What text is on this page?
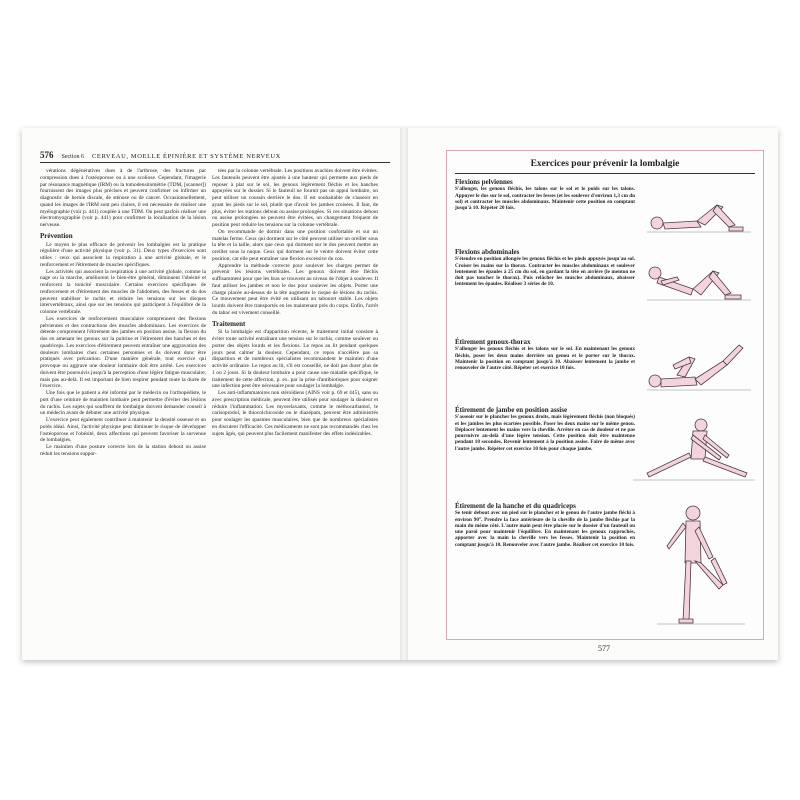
576 Section 6 CERVEAU, MOELLE ÉPINIÈRE ET SYSTÈME NERVEUX

vérations dégénératives dues à de l'arthrose, des fractures par compression dues à l'ostéoporose ou à une scoliose. Cependant, l'imagerie par résonance magnétique (IRM) ou la tomodensitométrie (TDM, [scanner]) fournissent des images plus précises et peuvent confirmer ou infirmer un diagnostic de hernie discale, de sténose ou de cancer. Occasionnellement, quand les images de l'IRM sont peu claires, il est nécessaire de réaliser une myélographie (voir p. 441) couplée à une TDM. On peut parfois réaliser une électromyographie (voir p. 441) pour confirmer la localisation de la lésion nerveuse.

Prévention

Le moyen le plus efficace de prévenir les lombalgies est la pratique régulière d'une activité physique (voir p. 31). Deux types d'exercices sont utiles : ceux qui associent la respiration à une activité globale, et le renforcement et l'étirement de muscles spécifiques.

Les activités qui associent la respiration à une activité globale, comme la nage ou la marche, améliorent le bien-être général, diminuent l'obésité et renforcent la tonicité musculaire. Certains exercices spécifiques de renforcement et d'étirement des muscles de l'abdomen, des fesses et du dos peuvent stabiliser le rachis et réduire les tensions sur les disques intervertébraux, ainsi que sur les tensions qui participent à l'équilibre de la colonne vertébrale.

Les exercices de renforcement musculaire comprennent des flexions pelviennes et des contractions des muscles abdominaux. Les exercices de détente comprennent l'étirement des jambes en position assise, la flexion du dos en amenant les genoux sur la poitrine et l'étirement des hanches et des quadriceps. Les exercices d'étirement peuvent entraîner une aggravation des douleurs lombaires chez certaines personnes et ils doivent donc être pratiqués avec précaution. D'une manière générale, tout exercice qui provoque ou aggrave une douleur lombaire doit être arrêté. Les exercices doivent être poursuivis jusqu'à la perception d'une légère fatigue musculaire, mais pas au-delà. Il est important de bien respirer pendant toute la durée de l'exercice.

Une fois que le patient a été informé par le médecin ou l'orthopédiste, le port d'une ceinture de maintien lombaire peut permettre d'éviter des lésions du rachis. Les sujets qui souffrent de lombalgie doivent demander conseil à un médecin avant de débuter une activité physique.

L'exercice peut également contribuer à maintenir la densité osseuse et un poids idéal. Ainsi, l'activité physique peut diminuer le risque de développer l'ostéoporose et l'obésité, deux affections qui peuvent favoriser la survenue de lombalgies.

Le maintien d'une posture correcte lors de la station debout ou assise réduit les tensions suppor-

tées par la colonne vertébrale. Les positions avachies doivent être évitées. Les fauteuils peuvent être ajustés à une hauteur qui permette aux pieds de reposer à plat sur le sol, les genoux légèrement fléchis et les hanches appuyées sur le dossier. Si le fauteuil ne fournit pas un appui lombaire, on peut utiliser un coussin derrière le dos. Il est souhaitable de s'asseoir en ayant les pieds sur le sol, plutôt que d'avoir les jambes croisées. Il faut, de plus, éviter les stations debout ou assise prolongées. Si ces situations debout ou assise prolongées ne peuvent être évitées, un changement fréquent de position peut réduire les tensions sur la colonne vertébrale.

On recommande de dormir dans une position confortable et sur un matelas ferme. Ceux qui dorment sur le côté peuvent utiliser un oreiller sous la tête et la taille, alors que ceux qui dorment sur le dos peuvent mettre un oreiller sous la nuque. Ceux qui dorment sur le ventre doivent éviter cette position, car elle peut entraîner une flexion excessive du cou.

Apprendre la méthode correcte pour soulever les charges permet de prévenir les lésions vertébrales. Les genoux doivent être fléchis suffisamment pour que les bras se trouvent au niveau de l'objet à soulever. Il faut utiliser les jambes et non le dos pour soulever les objets. Porter une charge placée au-dessus de la tête augmente le risque de lésions du rachis. Ce mouvement peut être évité en utilisant un tabouret stable. Les objets lourds doivent être transportés en les maintenant près du corps. Enfin, l'arrêt du tabac est vivement conseillé.

Traitement

Si la lombalgie est d'apparition récente, le traitement initial consiste à éviter toute activité entraînant une tension sur le rachis, comme soulever ou porter des objets lourds et les flexions. Le repos au lit pendant quelques jours peut calmer la douleur. Cependant, ce repos n'accélère pas sa disparition et de nombreux spécialistes recommandent le maintien d'une activité ordinaire. Le repos au lit, s'il est conseillé, ne doit pas durer plus de 1 ou 2 jours. Si la douleur lombaire a pour cause une maladie spécifique, le traitement de cette affection, p. ex. par la prise d'antibiotiques pour soigner une infection peut être nécessaire pour soulager la lombalgie.

Les anti-inflammatoires non stéroïdiens (AINS voir p. 69 et 445), sans ou avec prescription médicale, peuvent être utilisés pour soulager la douleur et réduire l'inflammation. Les myorelaxants, comme le méthocarbamol, le carisoprodol, le thiocolchicoside ou le diazépam, peuvent être administrés pour soulager les spasmes musculaires, bien que de nombreux spécialistes en discutent l'efficacité. Ces médicaments ne sont pas recommandés chez les sujets âgés, qui peuvent plus facilement manifester des effets indésirables.

Exercices pour prévenir la lombalgie
Flexions pelviennes

S'allonger, les genoux fléchis, les talons sur le sol et le poids sur les talons. Appuyer le dos sur le sol, contracter les fesses (et les soulever d'environ 1,3 cm du sol) et contracter les muscles abdominaux. Maintenir cette position en comptant jusqu'à 10. Répéter 20 fois.

Flexions abdominales

S'étendre en position allongée les genoux fléchis et les pieds appuyés jusqu'au sol. Croiser les mains sur la thorax. Contracter les muscles abdominaux et soulever lentement les épaules à 25 cm du sol, en gardant la tête en arrière (le menton ne doit pas toucher le thorax). Puis relâcher les muscles abdominaux, abaisser lentement les épaules. Réaliser 3 séries de 10.

Étirement genoux-thorax

S'allonger les genoux fléchis et les talons sur le sol. En maintenant les genoux fléchis, poser les deux mains derrière un genou et le porter sur le thorax. Maintenir la position en comptant jusqu'à 10. Abaisser lentement la jambe et renouveler de l'autre côté. Répéter cet exercice 10 fois.

Étirement de jambe en position assise

S'asseoir sur le plancher les genoux droits, mais légèrement fléchis (non bloqués) et les jambes les plus écartées possible. Poser les deux mains sur le même genou. Déplacer lentement les mains vers la cheville. Arrêter en cas de douleur et ne pas poursuivre au-delà d'une légère tension. Cette position doit être maintenue pendant 10 secondes. Revenir lentement à la position assise. Faire de même avec l'autre jambe. Répéter cet exercice 10 fois pour chaque jambe.

Étirement de la hanche et du quadriceps

Se tenir debout avec un pied sur le plancher et le genou de l'autre jambe fléchi à environ 90°. Prendre la face antérieure de la cheville de la jambe fléchie par la main du même côté. L'autre main peut être placée sur le dossier d'un fauteuil ou une paroi pour maintenir l'équilibre. En maintenant les genoux rapprochés, apporter avec la main la cheville vers les fesses. Maintenir la position en comptant jusqu'à 10. Renouveler avec l'autre jambe. Réaliser cet exercice 10 fois.

577
